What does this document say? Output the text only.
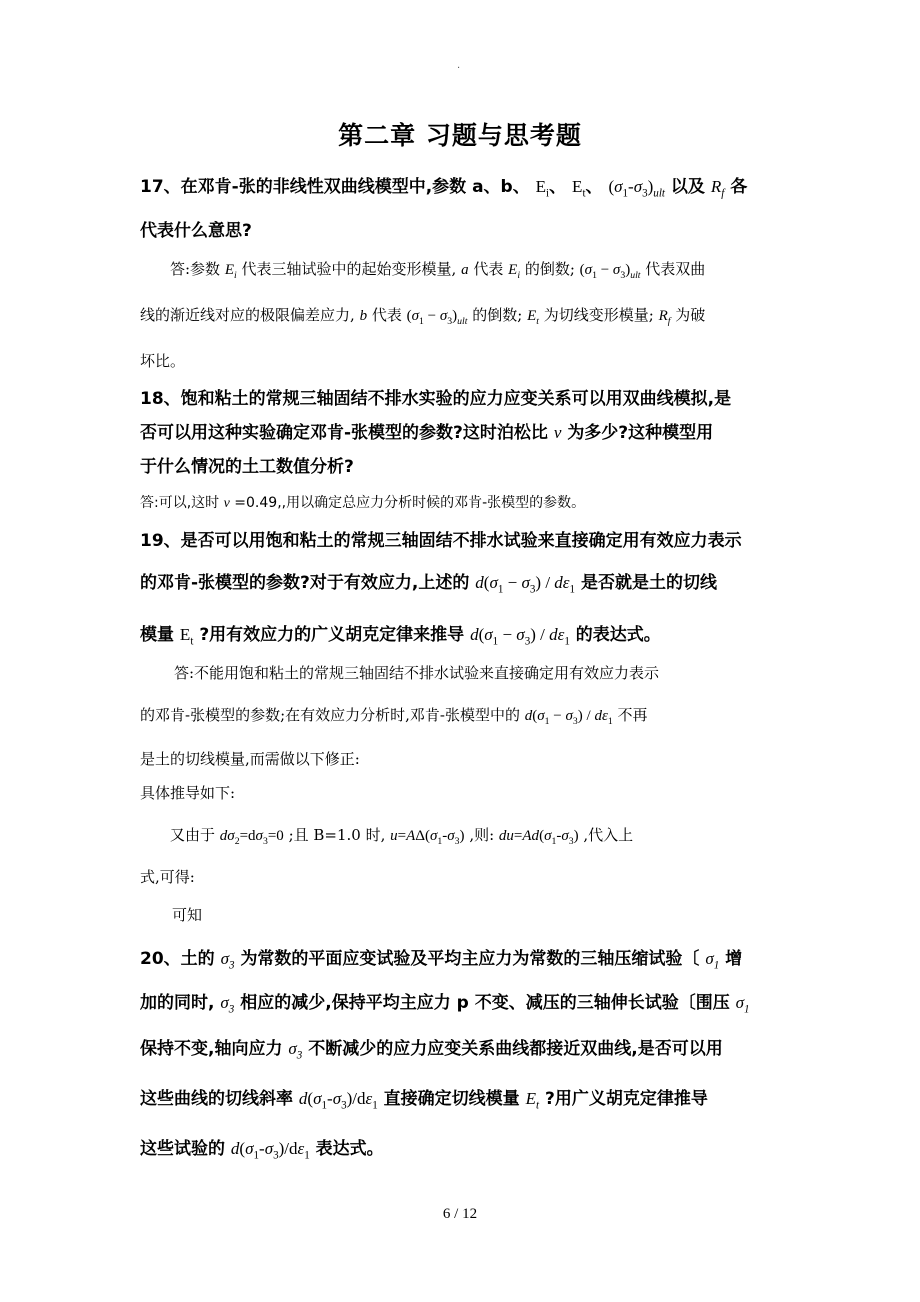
.
第二章 习题与思考题
17、在邓肯-张的非线性双曲线模型中,参数 a、b、 $E_i$、 $E_t$、 $(\sigma_1-\sigma_3)_{ult}$ 以及 $R_f$ 各
代表什么意思?
答:参数 $E_i$ 代表三轴试验中的起始变形模量, a 代表 $E_i$ 的倒数; $(\sigma_1 - \sigma_3)_{ult}$ 代表双曲
线的渐近线对应的极限偏差应力, b 代表 $(\sigma_1 - \sigma_3)_{ult}$ 的倒数; $E_t$ 为切线变形模量; $R_f$ 为破
坏比。
18、饱和粘土的常规三轴固结不排水实验的应力应变关系可以用双曲线模拟,是
否可以用这种实验确定邓肯-张模型的参数?这时泊松比 ν 为多少?这种模型用
于什么情况的土工数值分析?
答:可以,这时 ν =0.49,,用以确定总应力分析时候的邓肯-张模型的参数。
19、是否可以用饱和粘土的常规三轴固结不排水试验来直接确定用有效应力表示
的邓肯-张模型的参数?对于有效应力,上述的 $d(\sigma_1 - \sigma_3) / d\varepsilon_1$ 是否就是土的切线
模量 $E_t$ ?用有效应力的广义胡克定律来推导 $d(\sigma_1 - \sigma_3) / d\varepsilon_1$ 的表达式。
答:不能用饱和粘土的常规三轴固结不排水试验来直接确定用有效应力表示
的邓肯-张模型的参数;在有效应力分析时,邓肯-张模型中的 $d(\sigma_1 - \sigma_3) / d\varepsilon_1$ 不再
是土的切线模量,而需做以下修正:
具体推导如下:
又由于 $d\sigma_2=d\sigma_3=0$ ;且 B=1.0 时, $u=A\Delta(\sigma_1-\sigma_3)$ ,则: $du=Ad(\sigma_1-\sigma_3)$ ,代入上
式,可得:
可知
20、土的 $\sigma_3$ 为常数的平面应变试验及平均主应力为常数的三轴压缩试验〔 $\sigma_1$ 增
加的同时, $\sigma_3$ 相应的减少,保持平均主应力 p 不变、减压的三轴伸长试验〔围压 $\sigma_1$
保持不变,轴向应力 $\sigma_3$ 不断减少的应力应变关系曲线都接近双曲线,是否可以用
这些曲线的切线斜率 $d(\sigma_1-\sigma_3)/d\varepsilon_1$ 直接确定切线模量 $E_t$ ?用广义胡克定律推导
这些试验的 $d(\sigma_1-\sigma_3)/d\varepsilon_1$ 表达式。
6 / 12
